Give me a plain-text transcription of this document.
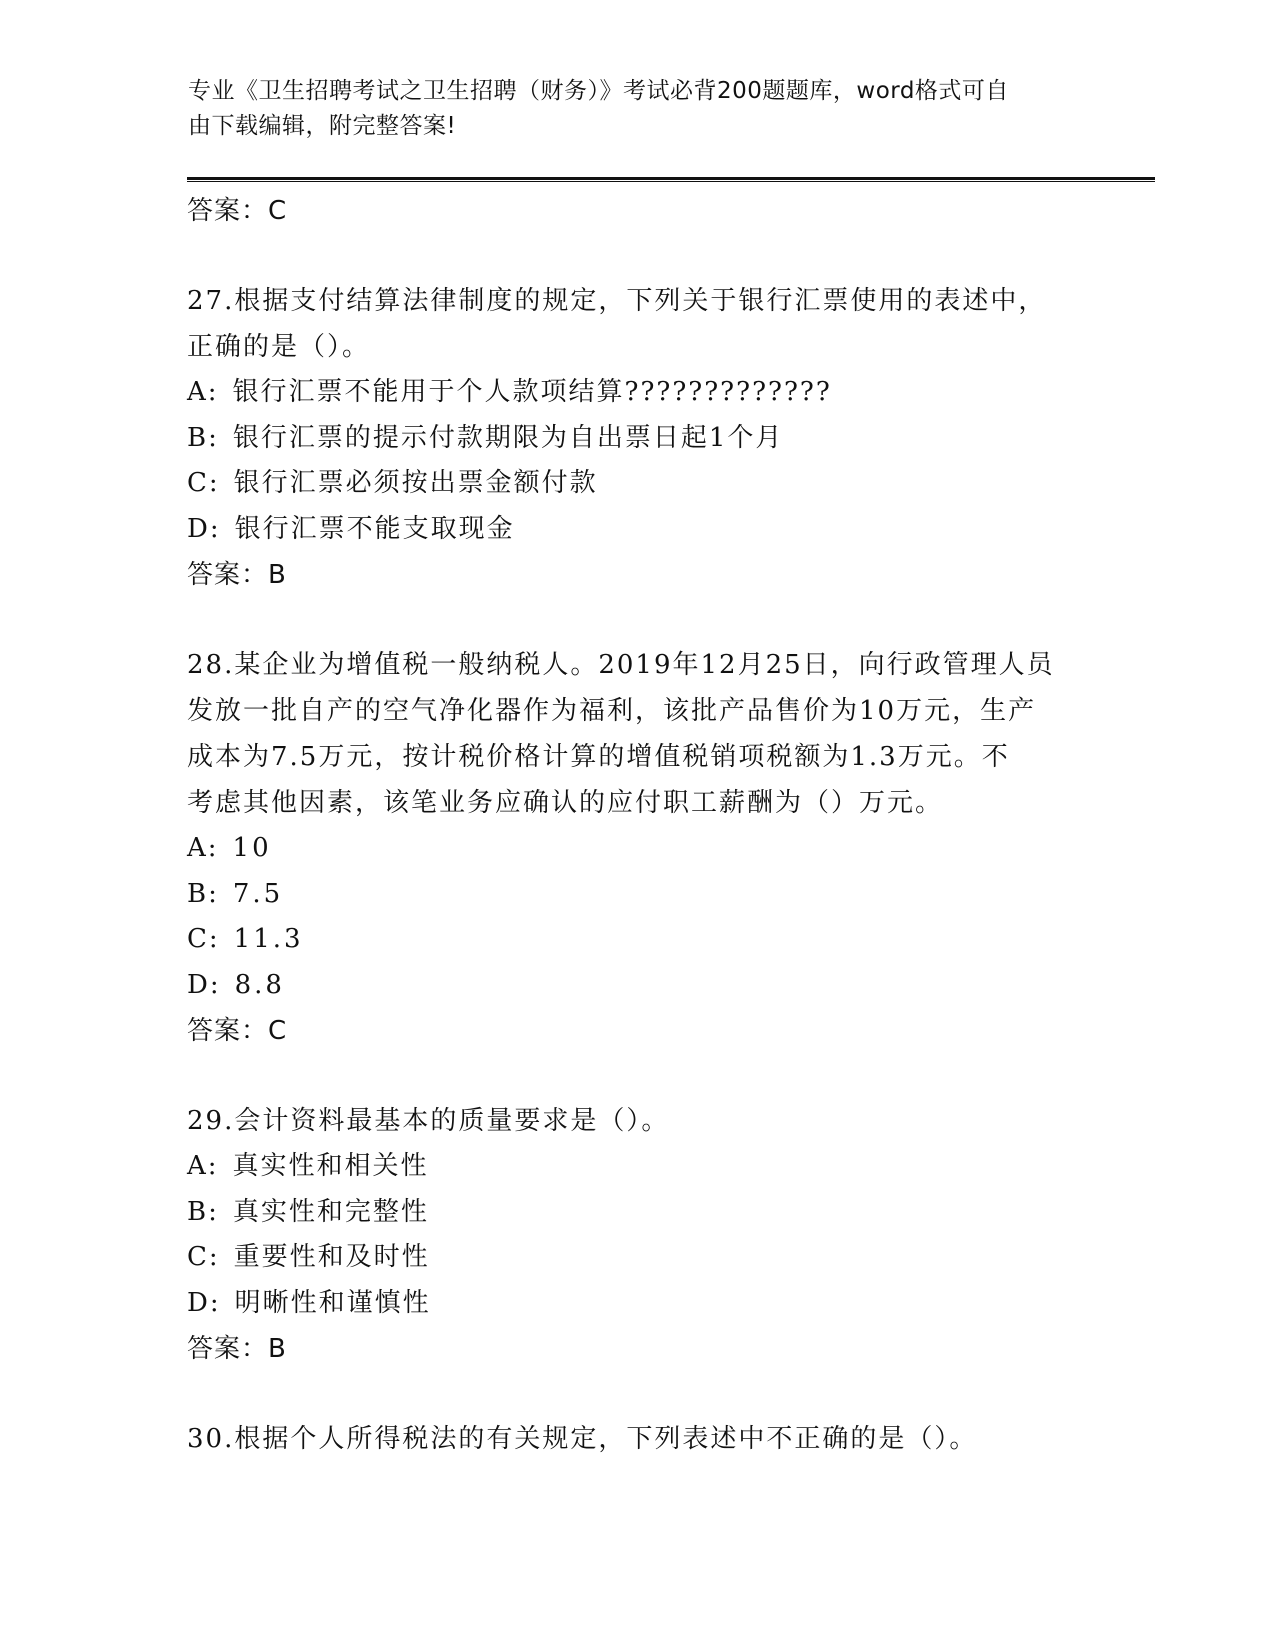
专业《卫生招聘考试之卫生招聘（财务）》考试必背200题题库，word格式可自
由下载编辑，附完整答案!
答案：C
27.根据支付结算法律制度的规定，下列关于银行汇票使用的表述中，
正确的是（）。
A: 银行汇票不能用于个人款项结算?????????????
B: 银行汇票的提示付款期限为自出票日起1个月
C: 银行汇票必须按出票金额付款
D: 银行汇票不能支取现金
答案：B
28.某企业为增值税一般纳税人。2019年12月25日，向行政管理人员
发放一批自产的空气净化器作为福利，该批产品售价为10万元，生产
成本为7.5万元，按计税价格计算的增值税销项税额为1.3万元。不
考虑其他因素，该笔业务应确认的应付职工薪酬为（）万元。
A: 10
B: 7.5
C: 11.3
D: 8.8
答案：C
29.会计资料最基本的质量要求是（）。
A: 真实性和相关性
B: 真实性和完整性
C: 重要性和及时性
D: 明晰性和谨慎性
答案：B
30.根据个人所得税法的有关规定，下列表述中不正确的是（）。
